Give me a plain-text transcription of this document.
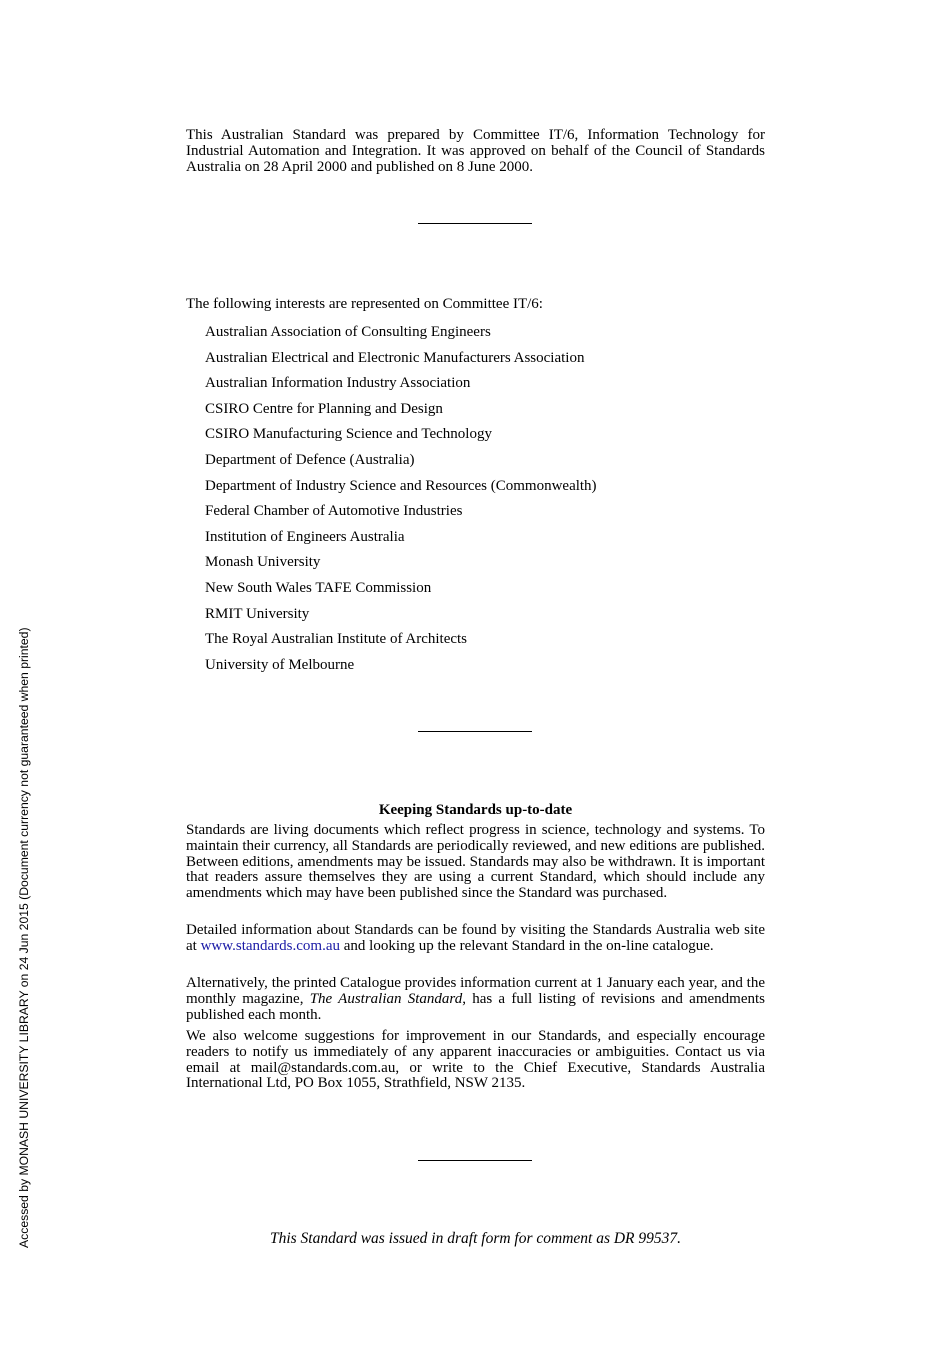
This Australian Standard was prepared by Committee IT/6, Information Technology for Industrial Automation and Integration. It was approved on behalf of the Council of Standards Australia on 28 April 2000 and published on 8 June 2000.

The following interests are represented on Committee IT/6:
Australian Association of Consulting Engineers
Australian Electrical and Electronic Manufacturers Association
Australian Information Industry Association
CSIRO Centre for Planning and Design
CSIRO Manufacturing Science and Technology
Department of Defence (Australia)
Department of Industry Science and Resources (Commonwealth)
Federal Chamber of Automotive Industries
Institution of Engineers Australia
Monash University
New South Wales TAFE Commission
RMIT University
The Royal Australian Institute of Architects
University of Melbourne
Keeping Standards up-to-date

Standards are living documents which reflect progress in science, technology and systems. To maintain their currency, all Standards are periodically reviewed, and new editions are published. Between editions, amendments may be issued. Standards may also be withdrawn. It is important that readers assure themselves they are using a current Standard, which should include any amendments which may have been published since the Standard was purchased.

Detailed information about Standards can be found by visiting the Standards Australia web site at www.standards.com.au and looking up the relevant Standard in the on-line catalogue.

Alternatively, the printed Catalogue provides information current at 1 January each year, and the monthly magazine, The Australian Standard, has a full listing of revisions and amendments published each month.

We also welcome suggestions for improvement in our Standards, and especially encourage readers to notify us immediately of any apparent inaccuracies or ambiguities. Contact us via email at mail@standards.com.au, or write to the Chief Executive, Standards Australia International Ltd, PO Box 1055, Strathfield, NSW 2135.

This Standard was issued in draft form for comment as DR 99537.
Accessed by MONASH UNIVERSITY LIBRARY on 24 Jun 2015 (Document currency not guaranteed when printed)
